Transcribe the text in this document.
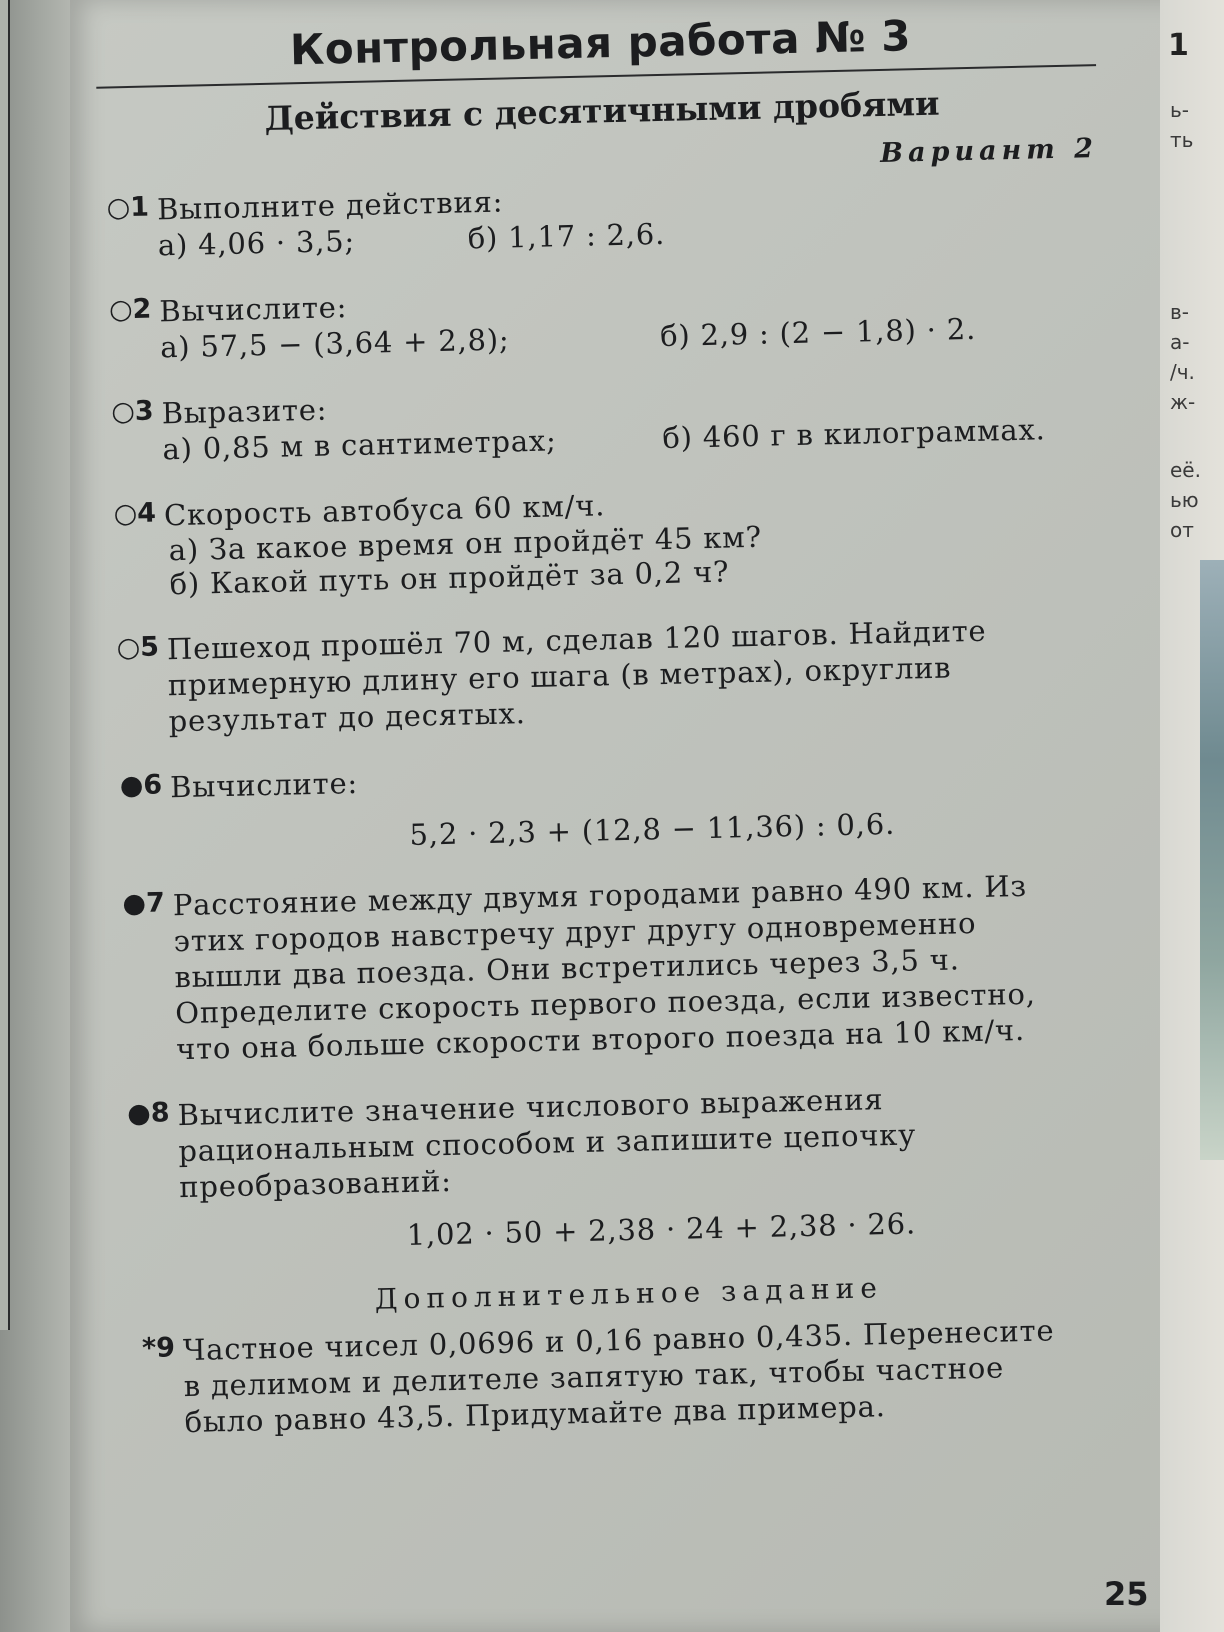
1
ь-
ть
в-
а-
/ч.
ж-
её.
ью
от
Контрольная работа № 3
Действия с десятичными дробями
Вариант 2
○1 Выполните действия:
а) 4,06 · 3,5;	б) 1,17 : 2,6.
○2 Вычислите:
а) 57,5 − (3,64 + 2,8);	б) 2,9 : (2 − 1,8) · 2.
○3 Выразите:
а) 0,85 м в сантиметрах;	б) 460 г в килограммах.
○4 Скорость автобуса 60 км/ч.
а) За какое время он пройдёт 45 км?
б) Какой путь он пройдёт за 0,2 ч?
○5 Пешеход прошёл 70 м, сделав 120 шагов. Найдите примерную длину его шага (в метрах), округлив результат до десятых.
●6 Вычислите:
5,2 · 2,3 + (12,8 − 11,36) : 0,6.
●7 Расстояние между двумя городами равно 490 км. Из этих городов навстречу друг другу одновременно вышли два поезда. Они встретились через 3,5 ч. Определите скорость первого поезда, если известно, что она больше скорости второго поезда на 10 км/ч.
●8 Вычислите значение числового выражения рациональным способом и запишите цепочку преобразований:
1,02 · 50 + 2,38 · 24 + 2,38 · 26.
Дополнительное задание
*9 Частное чисел 0,0696 и 0,16 равно 0,435. Перенесите в делимом и делителе запятую так, чтобы частное было равно 43,5. Придумайте два примера.
25
